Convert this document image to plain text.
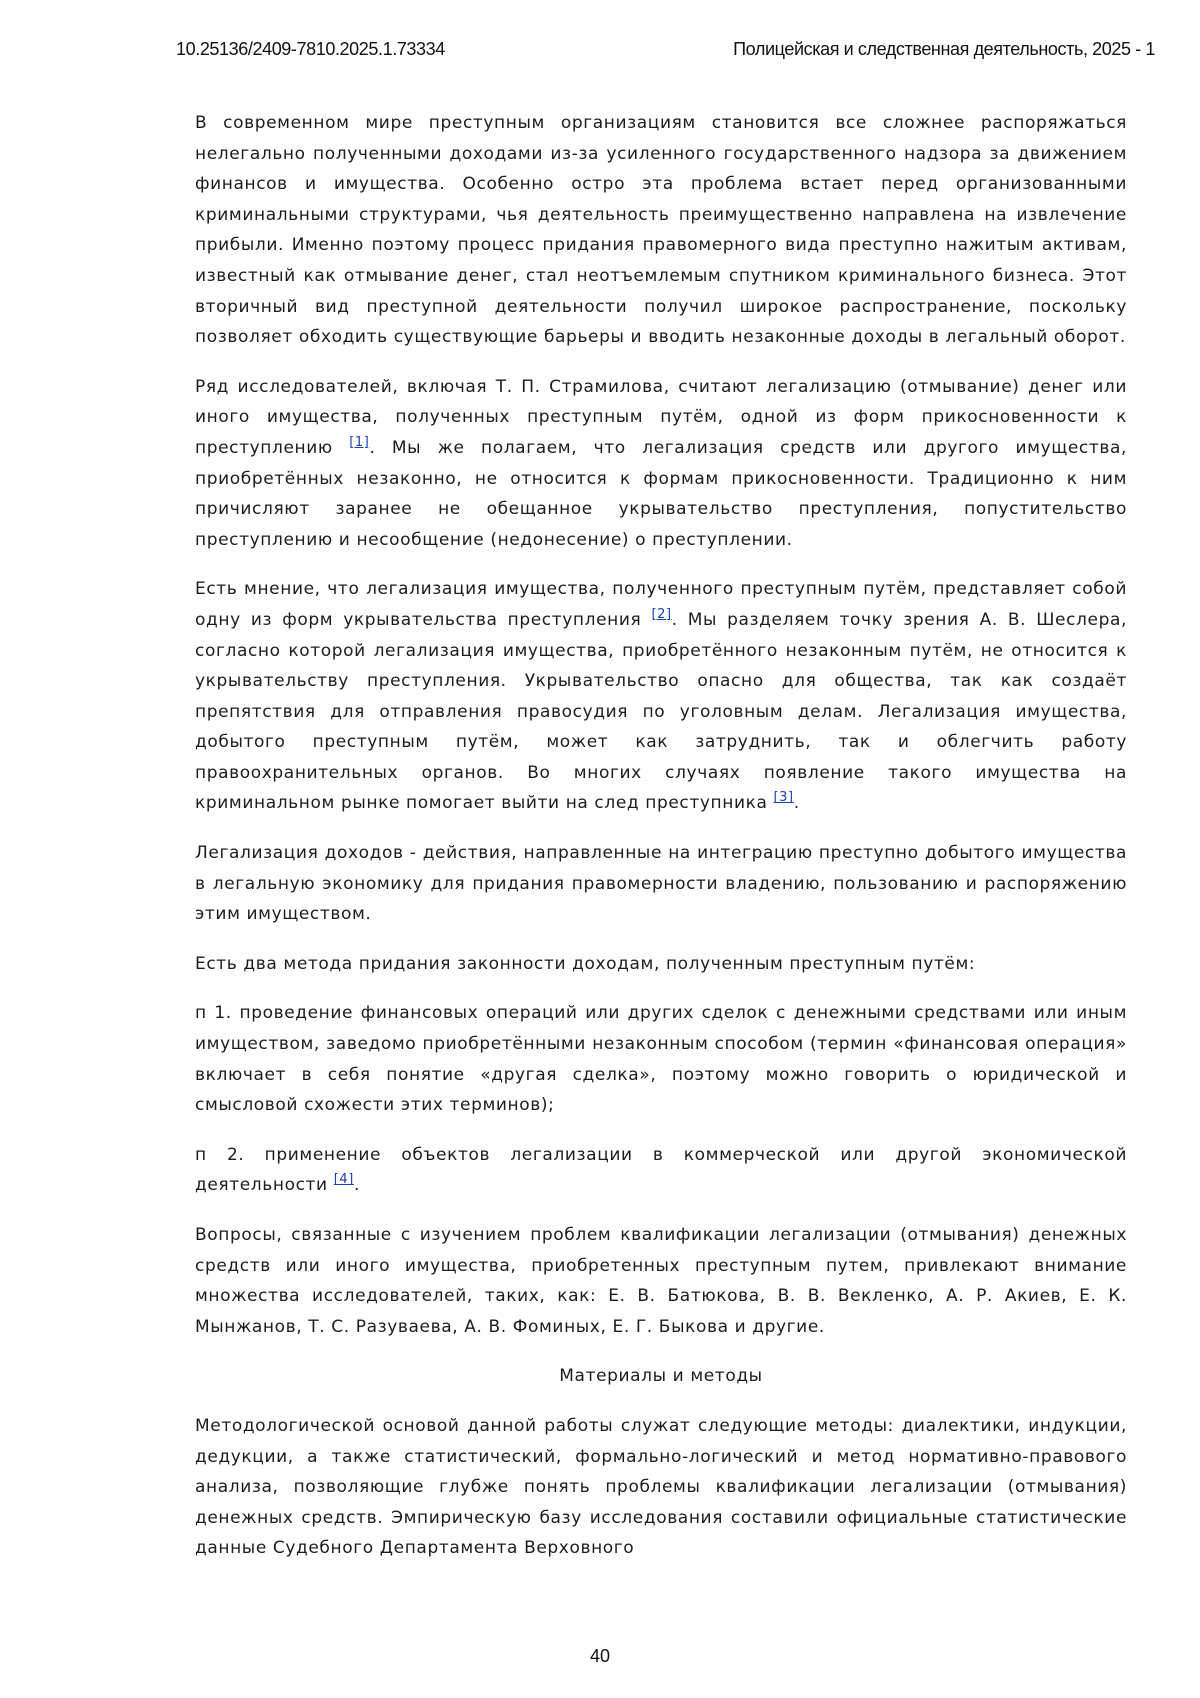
10.25136/2409-7810.2025.1.73334	Полицейская и следственная деятельность, 2025 - 1

В современном мире преступным организациям становится все сложнее распоряжаться нелегально полученными доходами из-за усиленного государственного надзора за движением финансов и имущества. Особенно остро эта проблема встает перед организованными криминальными структурами, чья деятельность преимущественно направлена на извлечение прибыли. Именно поэтому процесс придания правомерного вида преступно нажитым активам, известный как отмывание денег, стал неотъемлемым спутником криминального бизнеса. Этот вторичный вид преступной деятельности получил широкое распространение, поскольку позволяет обходить существующие барьеры и вводить незаконные доходы в легальный оборот.

Ряд исследователей, включая Т. П. Страмилова, считают легализацию (отмывание) денег или иного имущества, полученных преступным путём, одной из форм прикосновенности к преступлению [1]. Мы же полагаем, что легализация средств или другого имущества, приобретённых незаконно, не относится к формам прикосновенности. Традиционно к ним причисляют заранее не обещанное укрывательство преступления, попустительство преступлению и несообщение (недонесение) о преступлении.

Есть мнение, что легализация имущества, полученного преступным путём, представляет собой одну из форм укрывательства преступления [2]. Мы разделяем точку зрения А. В. Шеслера, согласно которой легализация имущества, приобретённого незаконным путём, не относится к укрывательству преступления. Укрывательство опасно для общества, так как создаёт препятствия для отправления правосудия по уголовным делам. Легализация имущества, добытого преступным путём, может как затруднить, так и облегчить работу правоохранительных органов. Во многих случаях появление такого имущества на криминальном рынке помогает выйти на след преступника [3].

Легализация доходов - действия, направленные на интеграцию преступно добытого имущества в легальную экономику для придания правомерности владению, пользованию и распоряжению этим имуществом.

Есть два метода придания законности доходам, полученным преступным путём:

п 1. проведение финансовых операций или других сделок с денежными средствами или иным имуществом, заведомо приобретёнными незаконным способом (термин «финансовая операция» включает в себя понятие «другая сделка», поэтому можно говорить о юридической и смысловой схожести этих терминов);

п 2. применение объектов легализации в коммерческой или другой экономической деятельности [4].

Вопросы, связанные с изучением проблем квалификации легализации (отмывания) денежных средств или иного имущества, приобретенных преступным путем, привлекают внимание множества исследователей, таких, как: Е. В. Батюкова, В. В. Векленко, А. Р. Акиев, Е. К. Мынжанов, Т. С. Разуваева, А. В. Фоминых, Е. Г. Быкова и другие.

Материалы и методы

Методологической основой данной работы служат следующие методы: диалектики, индукции, дедукции, а также статистический, формально-логический и метод нормативно-правового анализа, позволяющие глубже понять проблемы квалификации легализации (отмывания) денежных средств. Эмпирическую базу исследования составили официальные статистические данные Судебного Департамента Верховного

40
